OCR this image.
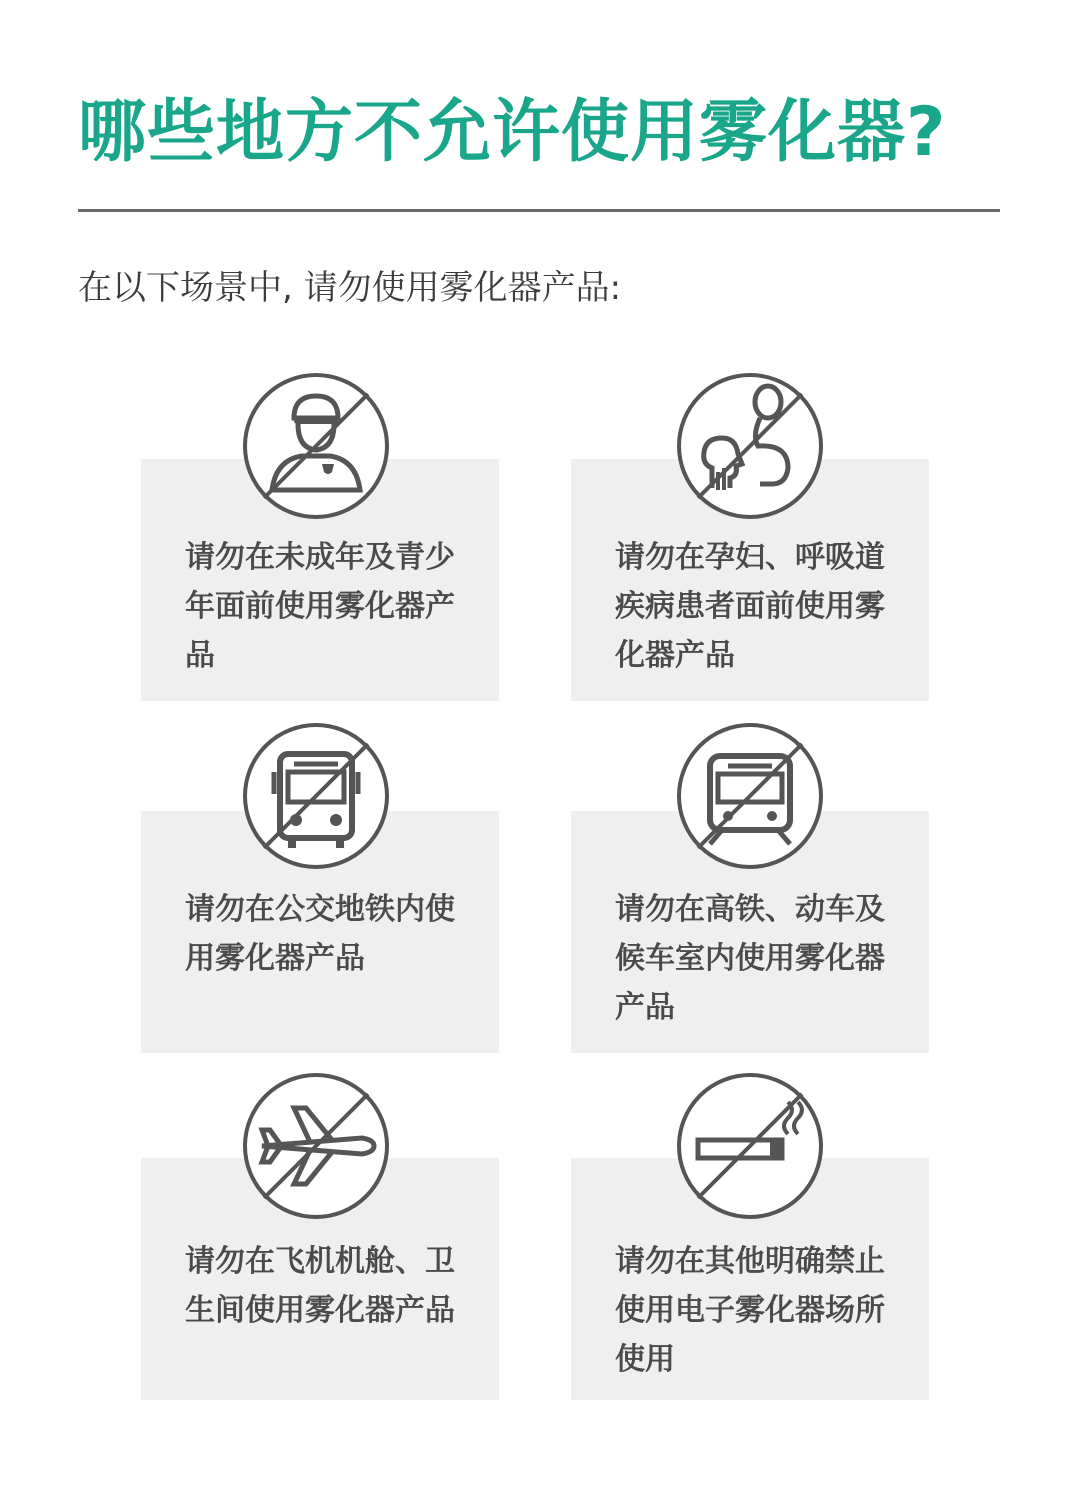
哪些地方不允许使用雾化器?
在以下场景中, 请勿使用雾化器产品:
请勿在未成年及青少年面前使用雾化器产品
请勿在孕妇、呼吸道疾病患者面前使用雾化器产品
请勿在公交地铁内使用雾化器产品
请勿在高铁、动车及候车室内使用雾化器产品
请勿在飞机机舱、卫生间使用雾化器产品
请勿在其他明确禁止使用电子雾化器场所使用
